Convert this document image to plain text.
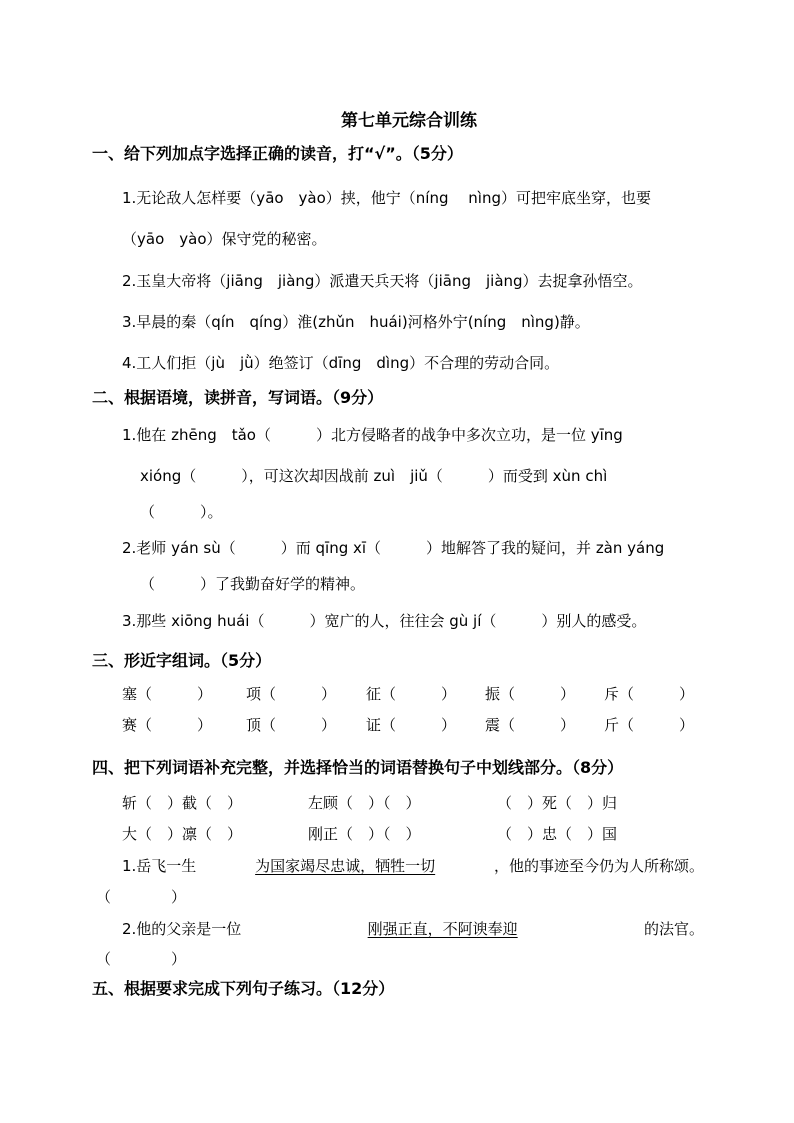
第七单元综合训练
一、给下列加点字选择正确的读音，打“√”。（5分）
1.无论敌人怎样要（yāo　yào）挟，他宁（níng　 nìng）可把牢底坐穿，也要
（yāo　yào）保守党的秘密。
2.玉皇大帝将（jiāng　jiàng）派遣天兵天将（jiāng　jiàng）去捉拿孙悟空。
3.早晨的秦（qín　qíng）淮(zhǔn　huái)河格外宁(níng　nìng)静。
4.工人们拒（jù　jǜ）绝签订（dīng　dìng）不合理的劳动合同。
二、根据语境，读拼音，写词语。（9分）
1.他在 zhēng　tǎo（　　　）北方侵略者的战争中多次立功，是一位 yīng
xióng（　　　），可这次却因战前 zuì　jiǔ（　　　）而受到 xùn chì
（　　　）。
2.老师 yán sù（　　　）而 qīng xī（　　　）地解答了我的疑问，并 zàn yáng
（　　　）了我勤奋好学的精神。
3.那些 xiōng huái（　　　）宽广的人，往往会 gù jí（　　　）别人的感受。
三、形近字组词。（5分）
塞（　　　） 项（　　　） 征（　　　） 振（　　　） 斥（　　　）
赛（　　　） 顶（　　　） 证（　　　） 震（　　　） 斤（　　　）
四、把下列词语补充完整，并选择恰当的词语替换句子中划线部分。（8分）
斩（　）截（　）	左顾（　）（　）	（　）死（　）归
大（　）凛（　）	刚正（　）（　）	（　）忠（　）国
1.岳飞一生	为国家竭尽忠诚，牺牲一切	，他的事迹至今仍为人所称颂。
（　　　　）
2.他的父亲是一位	刚强正直，不阿谀奉迎	的法官。
（　　　　）
五、根据要求完成下列句子练习。（12分）
